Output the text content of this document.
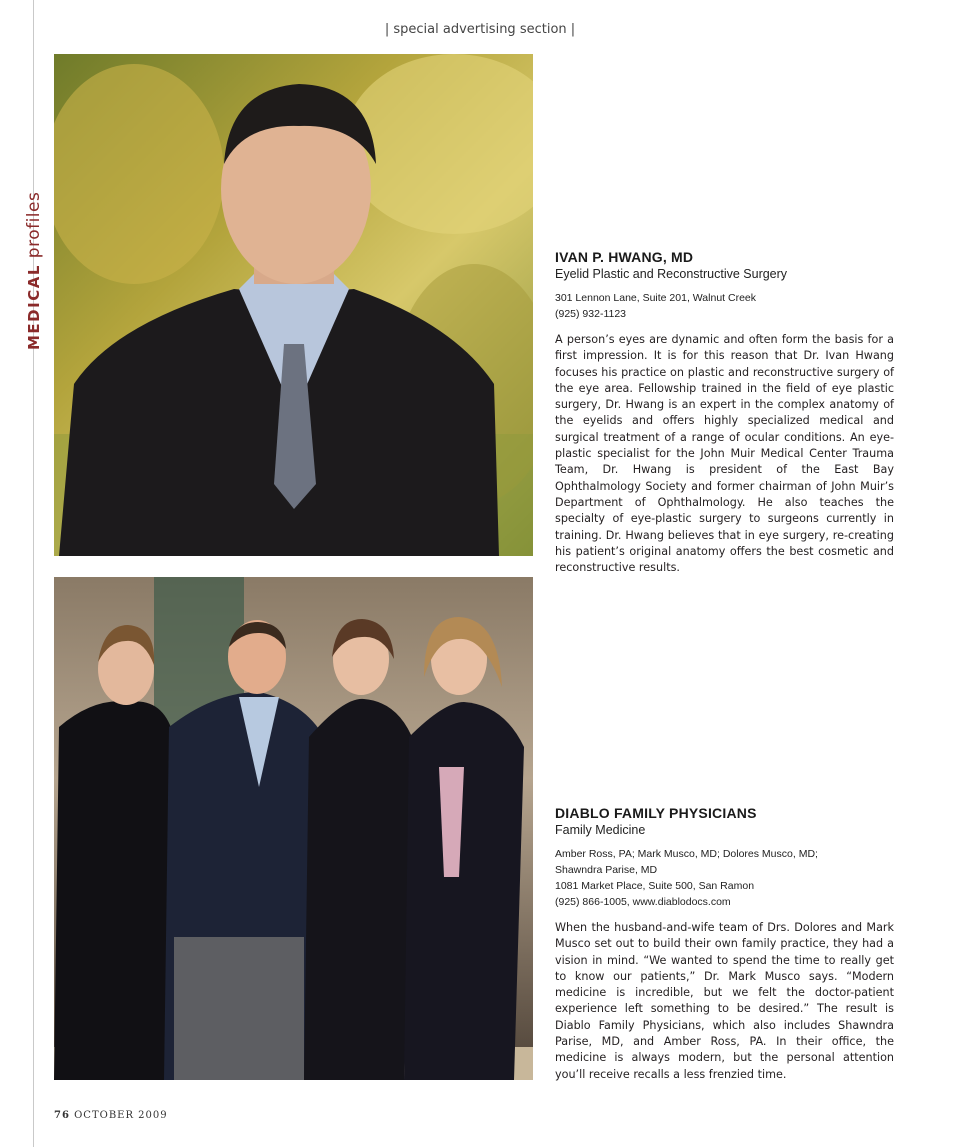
MEDICAL profiles
| special advertising section |
IVAN P. HWANG, MD
Eyelid Plastic and Reconstructive Surgery
301 Lennon Lane, Suite 201, Walnut Creek
(925) 932-1123

A person’s eyes are dynamic and often form the basis for a first impression. It is for this reason that Dr. Ivan Hwang focuses his practice on plastic and reconstructive surgery of the eye area. Fellowship trained in the field of eye plastic surgery, Dr. Hwang is an expert in the complex anatomy of the eyelids and offers highly specialized medical and surgical treatment of a range of ocular conditions. An eye-plastic specialist for the John Muir Medical Center Trauma Team, Dr. Hwang is president of the East Bay Ophthalmology Society and former chairman of John Muir’s Department of Ophthalmology. He also teaches the specialty of eye-plastic surgery to surgeons currently in training. Dr. Hwang believes that in eye surgery, re-creating his patient’s original anatomy offers the best cosmetic and reconstructive results.

DIABLO FAMILY PHYSICIANS
Family Medicine
Amber Ross, PA; Mark Musco, MD; Dolores Musco, MD;
Shawndra Parise, MD
1081 Market Place, Suite 500, San Ramon
(925) 866-1005, www.diablodocs.com

When the husband-and-wife team of Drs. Dolores and Mark Musco set out to build their own family practice, they had a vision in mind. “We wanted to spend the time to really get to know our patients,” Dr. Mark Musco says. “Modern medicine is incredible, but we felt the doctor-patient experience left something to be desired.” The result is Diablo Family Physicians, which also includes Shawndra Parise, MD, and Amber Ross, PA. In their office, the medicine is always modern, but the personal attention you’ll receive recalls a less frenzied time.

76 OCTOBER 2009
